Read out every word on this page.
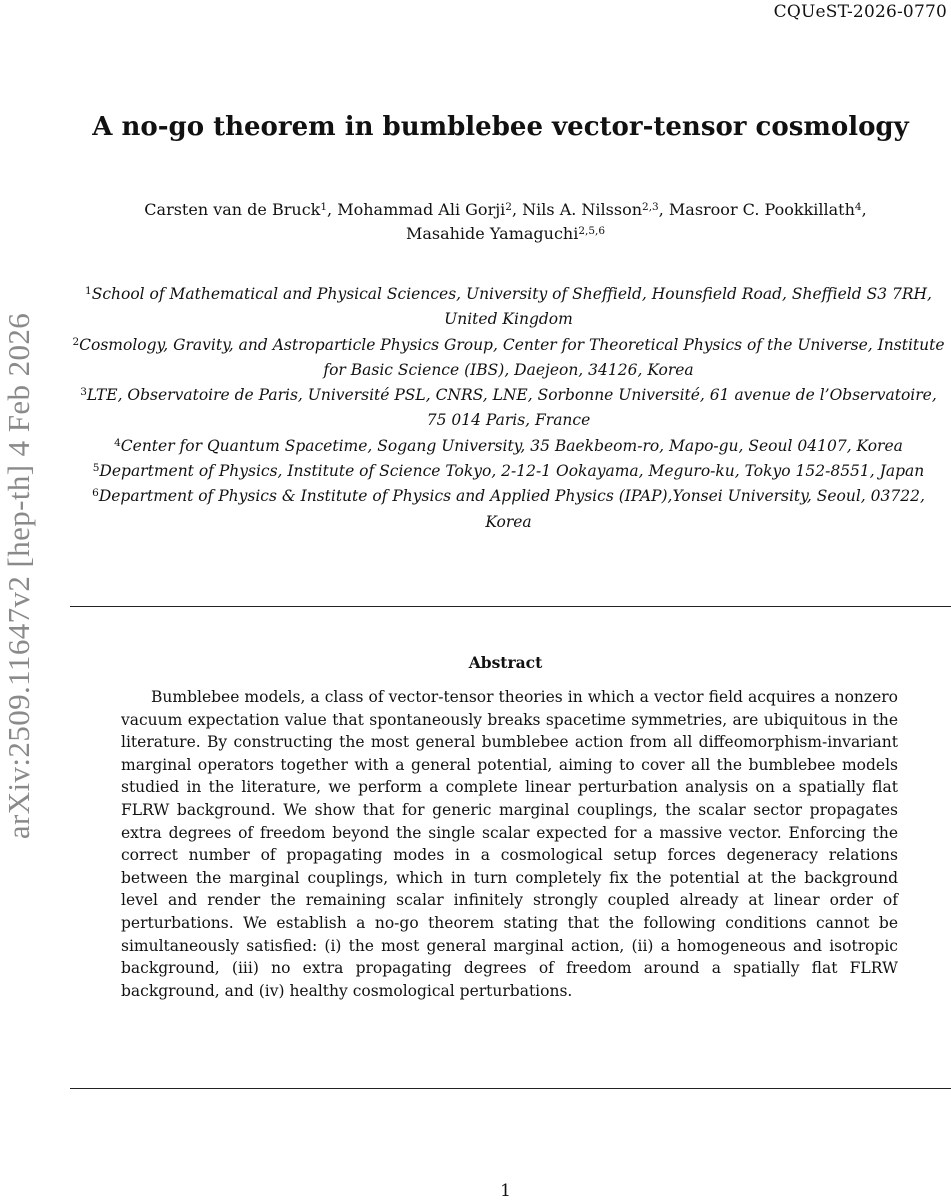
CQUeST-2026-0770
arXiv:2509.11647v2 [hep-th] 4 Feb 2026
A no-go theorem in bumblebee vector-tensor cosmology
Carsten van de Bruck$^1$, Mohammad Ali Gorji$^2$, Nils A. Nilsson$^{2,3}$, Masroor C. Pookkillath$^4$,
Masahide Yamaguchi$^{2,5,6}$
$^1$School of Mathematical and Physical Sciences, University of Sheffield, Hounsfield Road, Sheffield S3 7RH, United Kingdom
$^2$Cosmology, Gravity, and Astroparticle Physics Group, Center for Theoretical Physics of the Universe, Institute for Basic Science (IBS), Daejeon, 34126, Korea
$^3$LTE, Observatoire de Paris, Université PSL, CNRS, LNE, Sorbonne Université, 61 avenue de l’Observatoire, 75 014 Paris, France
$^4$Center for Quantum Spacetime, Sogang University, 35 Baekbeom-ro, Mapo-gu, Seoul 04107, Korea
$^5$Department of Physics, Institute of Science Tokyo, 2-12-1 Ookayama, Meguro-ku, Tokyo 152-8551, Japan
$^6$Department of Physics & Institute of Physics and Applied Physics (IPAP),Yonsei University, Seoul, 03722, Korea
Abstract

Bumblebee models, a class of vector-tensor theories in which a vector field acquires a nonzero vacuum expectation value that spontaneously breaks spacetime symmetries, are ubiquitous in the literature. By constructing the most general bumblebee action from all diffeomorphism-invariant marginal operators together with a general potential, aiming to cover all the bumblebee models studied in the literature, we perform a complete linear perturbation analysis on a spatially flat FLRW background. We show that for generic marginal couplings, the scalar sector propagates extra degrees of freedom beyond the single scalar expected for a massive vector. Enforcing the correct number of propagating modes in a cosmological setup forces degeneracy relations between the marginal couplings, which in turn completely fix the potential at the background level and render the remaining scalar infinitely strongly coupled already at linear order of perturbations. We establish a no-go theorem stating that the following conditions cannot be simultaneously satisfied: (i) the most general marginal action, (ii) a homogeneous and isotropic background, (iii) no extra propagating degrees of freedom around a spatially flat FLRW background, and (iv) healthy cosmological perturbations.

1
